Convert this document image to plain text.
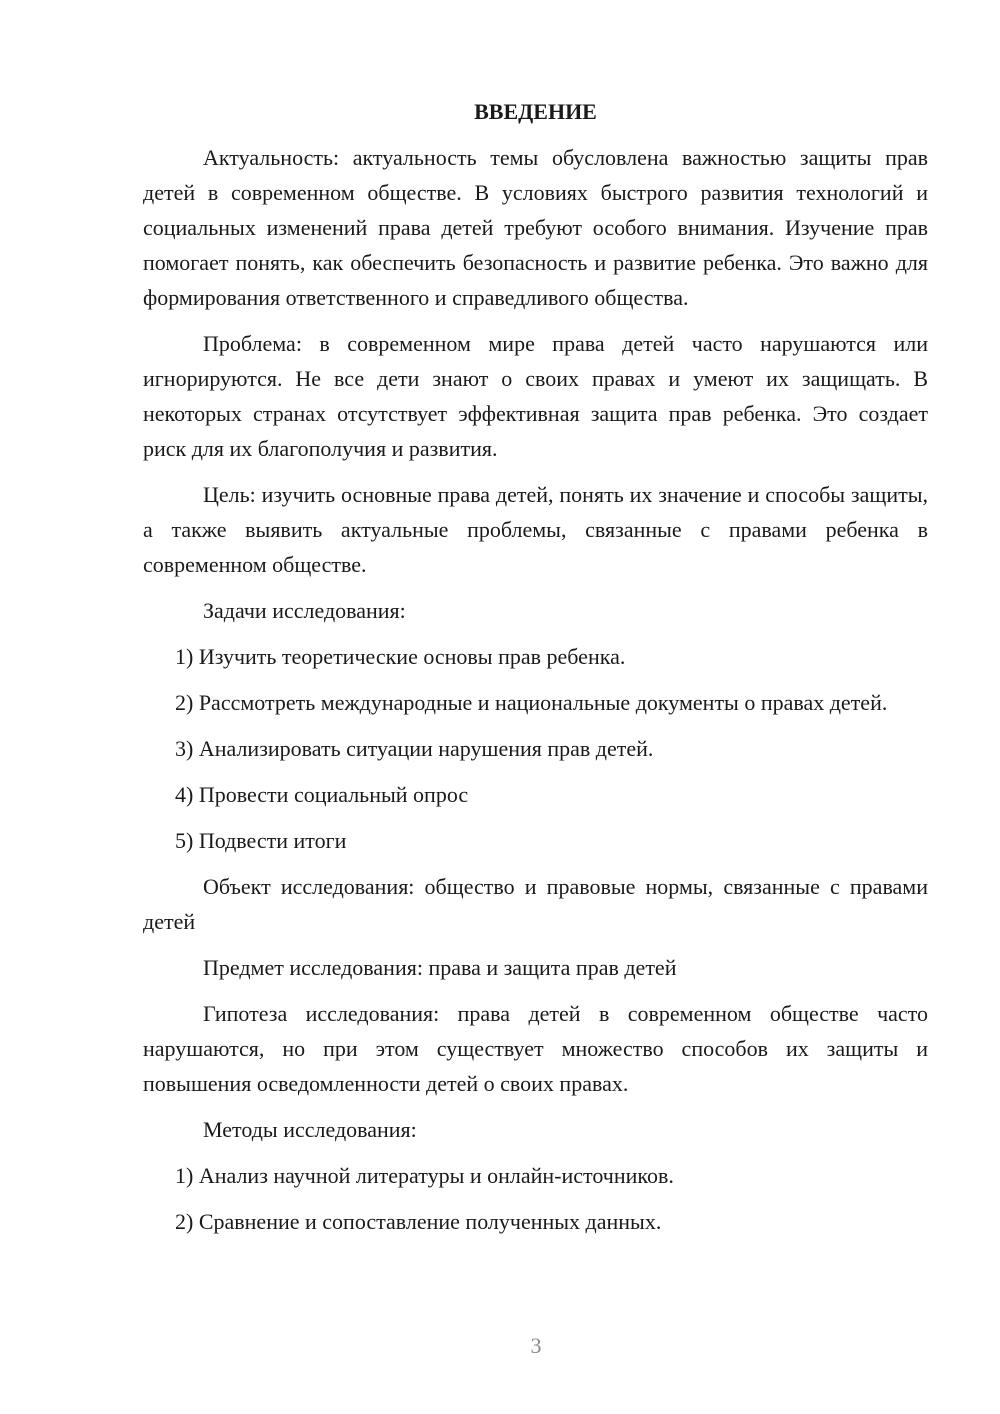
ВВЕДЕНИЕ

Актуальность: актуальность темы обусловлена важностью защиты прав детей в современном обществе. В условиях быстрого развития технологий и социальных изменений права детей требуют особого внимания. Изучение прав помогает понять, как обеспечить безопасность и развитие ребенка. Это важно для формирования ответственного и справедливого общества.

Проблема: в современном мире права детей часто нарушаются или игнорируются. Не все дети знают о своих правах и умеют их защищать. В некоторых странах отсутствует эффективная защита прав ребенка. Это создает риск для их благополучия и развития.

Цель: изучить основные права детей, понять их значение и способы защиты, а также выявить актуальные проблемы, связанные с правами ребенка в современном обществе.

Задачи исследования:

1) Изучить теоретические основы прав ребенка.

2) Рассмотреть международные и национальные документы о правах детей.

3) Анализировать ситуации нарушения прав детей.

4) Провести социальный опрос

5) Подвести итоги

Объект исследования: общество и правовые нормы, связанные с правами детей

Предмет исследования: права и защита прав детей

Гипотеза исследования: права детей в современном обществе часто нарушаются, но при этом существует множество способов их защиты и повышения осведомленности детей о своих правах.

Методы исследования:

1) Анализ научной литературы и онлайн-источников.

2) Сравнение и сопоставление полученных данных.

3
